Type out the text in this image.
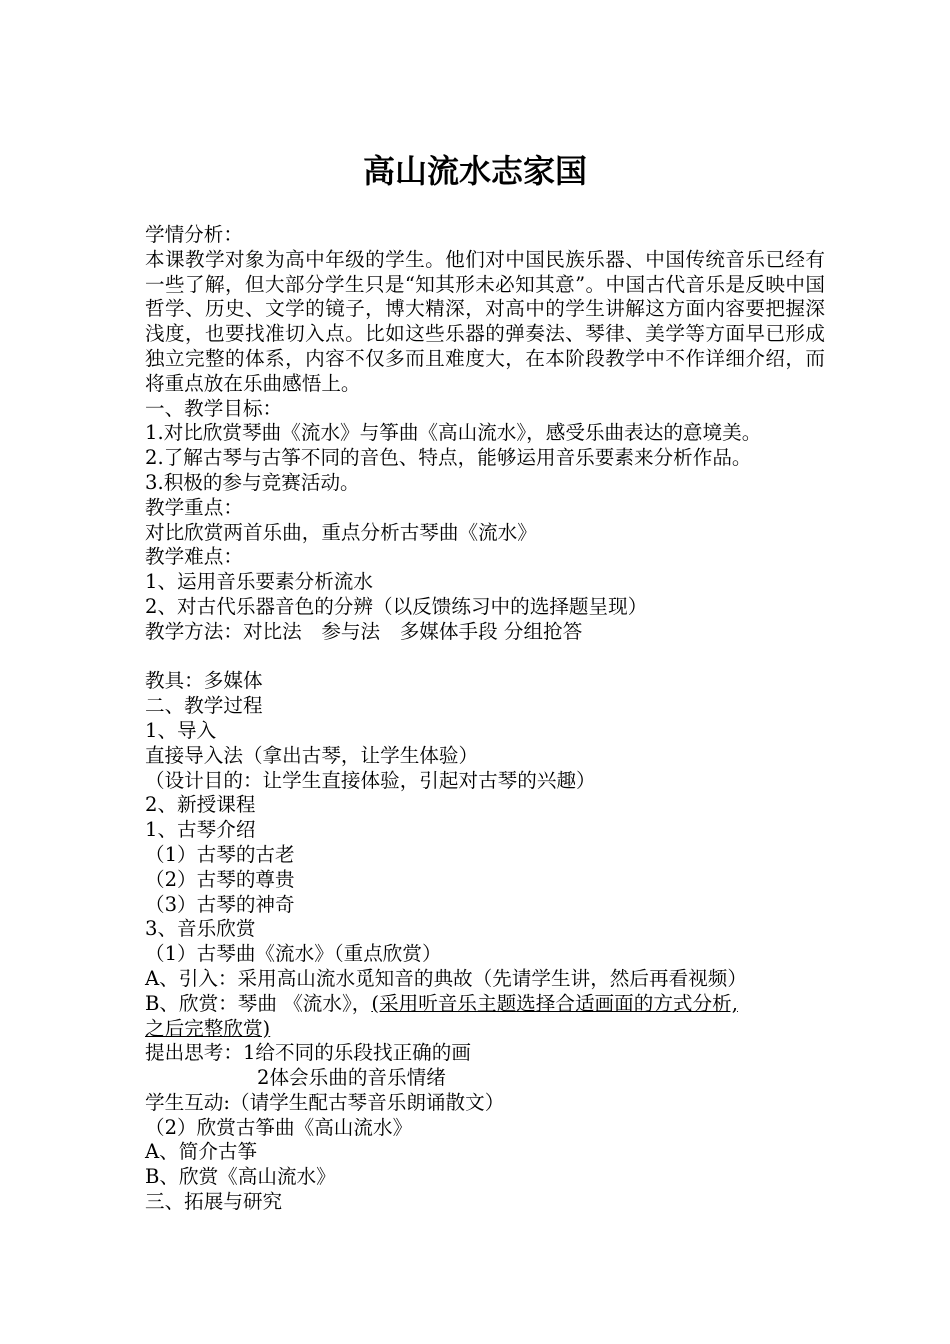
高山流水志家国

学情分析：

本课教学对象为高中年级的学生。他们对中国民族乐器、中国传统音乐已经有一些了解，但大部分学生只是“知其形未必知其意”。中国古代音乐是反映中国哲学、历史、文学的镜子，博大精深，对高中的学生讲解这方面内容要把握深浅度，也要找准切入点。比如这些乐器的弹奏法、琴律、美学等方面早已形成独立完整的体系，内容不仅多而且难度大，在本阶段教学中不作详细介绍，而将重点放在乐曲感悟上。

一、教学目标：

1.对比欣赏琴曲《流水》与筝曲《高山流水》，感受乐曲表达的意境美。

2.了解古琴与古筝不同的音色、特点，能够运用音乐要素来分析作品。

3.积极的参与竞赛活动。

教学重点：

对比欣赏两首乐曲，重点分析古琴曲《流水》

教学难点：

1、运用音乐要素分析流水

2、对古代乐器音色的分辨（以反馈练习中的选择题呈现）

教学方法：对比法　参与法　多媒体手段 分组抢答

教具：多媒体

二、教学过程

1、导入

直接导入法（拿出古琴，让学生体验）

（设计目的：让学生直接体验，引起对古琴的兴趣）

2、新授课程

1、古琴介绍

（1）古琴的古老

（2）古琴的尊贵

（3）古琴的神奇

3、音乐欣赏

（1）古琴曲《流水》（重点欣赏）

A、引入：采用高山流水觅知音的典故（先请学生讲，然后再看视频）

B、欣赏：琴曲 《流水》，(采用听音乐主题选择合适画面的方式分析,

之后完整欣赏)

提出思考：1给不同的乐段找正确的画

2体会乐曲的音乐情绪

学生互动:（请学生配古琴音乐朗诵散文）

（2）欣赏古筝曲《高山流水》

A、简介古筝

B、欣赏《高山流水》

三、拓展与研究
